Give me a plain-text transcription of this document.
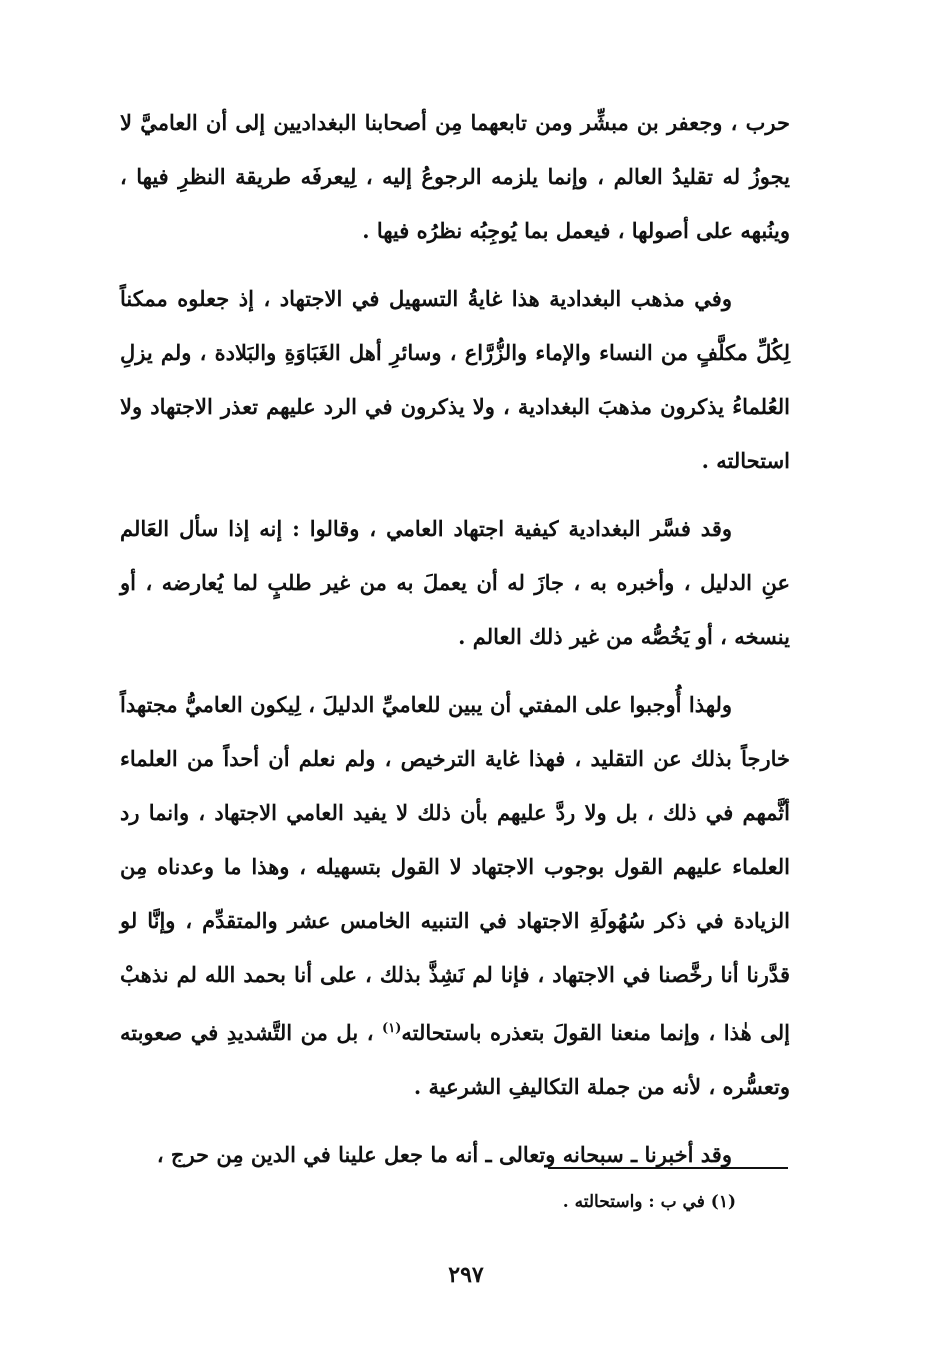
حرب ، وجعفر بن مبشِّر ومن تابعهما مِن أصحابنا البغداديين إلى أن العاميَّ لا يجوزُ له تقليدُ العالم ، وإنما يلزمه الرجوعُ إليه ، لِيعرفَه طريقة النظرِ فيها ، وينُبهه على أصولها ، فيعمل بما يُوجِبُه نظرُه فيها .

وفي مذهب البغدادية هذا غايةُ التسهيل في الاجتهاد ، إذ جعلوه ممكناً لِكُلِّ مكلَّفٍ من النساء والإماء والزُّرَّاع ، وسائرِ أهل الغَبَاوَةِ والبَلادة ، ولم يزلِ العُلماءُ يذكرون مذهبَ البغدادية ، ولا يذكرون في الرد عليهم تعذر الاجتهاد ولا استحالته .

وقد فسَّر البغدادية كيفية اجتهاد العامي ، وقالوا : إنه إذا سأل العَالم عنِ الدليل ، وأخبره به ، جازَ له أن يعملَ به من غير طلبٍ لما يُعارضه ، أو ينسخه ، أو يَخُصُّه من غير ذلك العالم .

ولهذا أُوجبوا على المفتي أن يبين للعاميِّ الدليلَ ، لِيكون العاميُّ مجتهداً خارجاً بذلك عن التقليد ، فهذا غاية الترخيص ، ولم نعلم أن أحداً من العلماء أثَّمهم في ذلك ، بل ولا ردَّ عليهم بأن ذلك لا يفيد العامي الاجتهاد ، وانما رد العلماء عليهم القول بوجوب الاجتهاد لا القول بتسهيله ، وهذا ما وعدناه مِن الزيادة في ذكر سُهُولَةِ الاجتهاد في التنبيه الخامس عشر والمتقدِّم ، وإنَّا لو قدَّرنا أنا رخَّصنا في الاجتهاد ، فإنا لم نَشِذَّ بذلك ، على أنا بحمد الله لم نذهبْ إلى هٰذا ، وإنما منعنا القولَ بتعذره باستحالته$^{(١)}$ ، بل من التَّشديدِ في صعوبته وتعسُّره ، لأنه من جملة التكاليفِ الشرعية .

وقد أخبرنا ـ سبحانه وتعالى ـ أنه ما جعل علينا في الدين مِن حرج ،

(١) في ب : واستحالته .
٢٩٧
